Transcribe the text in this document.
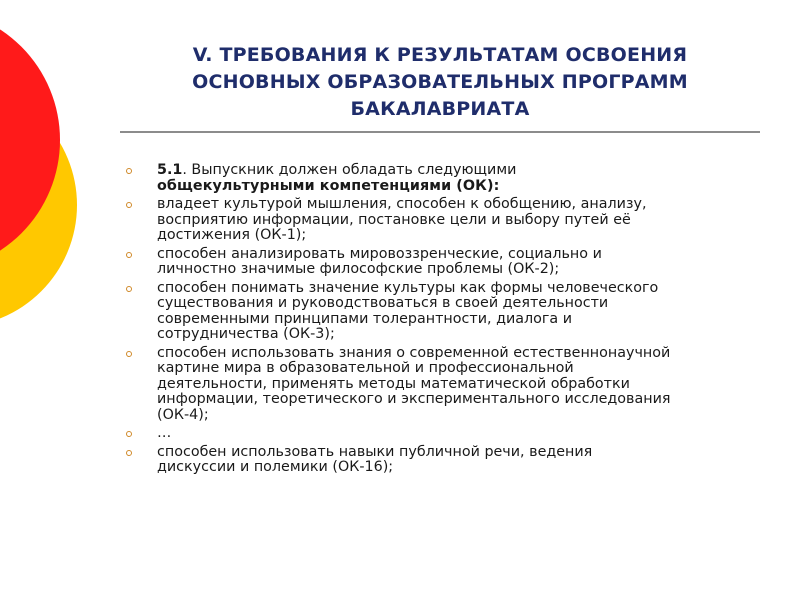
V. ТРЕБОВАНИЯ К РЕЗУЛЬТАТАМ ОСВОЕНИЯ
ОСНОВНЫХ ОБРАЗОВАТЕЛЬНЫХ ПРОГРАММ
БАКАЛАВРИАТА
5.1. Выпускник должен обладать следующими
общекультурными компетенциями (ОК):
владеет культурой мышления, способен к обобщению, анализу,
восприятию информации, постановке цели и выбору путей её
достижения (ОК-1);
способен анализировать мировоззренческие, социально и
личностно значимые философские проблемы (ОК-2);
способен понимать значение культуры как формы человеческого
существования и руководствоваться в своей деятельности
современными принципами толерантности, диалога и
сотрудничества (ОК-3);
способен использовать знания о современной естественнонаучной
картине мира в образовательной и профессиональной
деятельности, применять методы математической обработки
информации, теоретического и экспериментального исследования
(ОК-4);
…
способен использовать навыки публичной речи, ведения
дискуссии и полемики (ОК-16);
